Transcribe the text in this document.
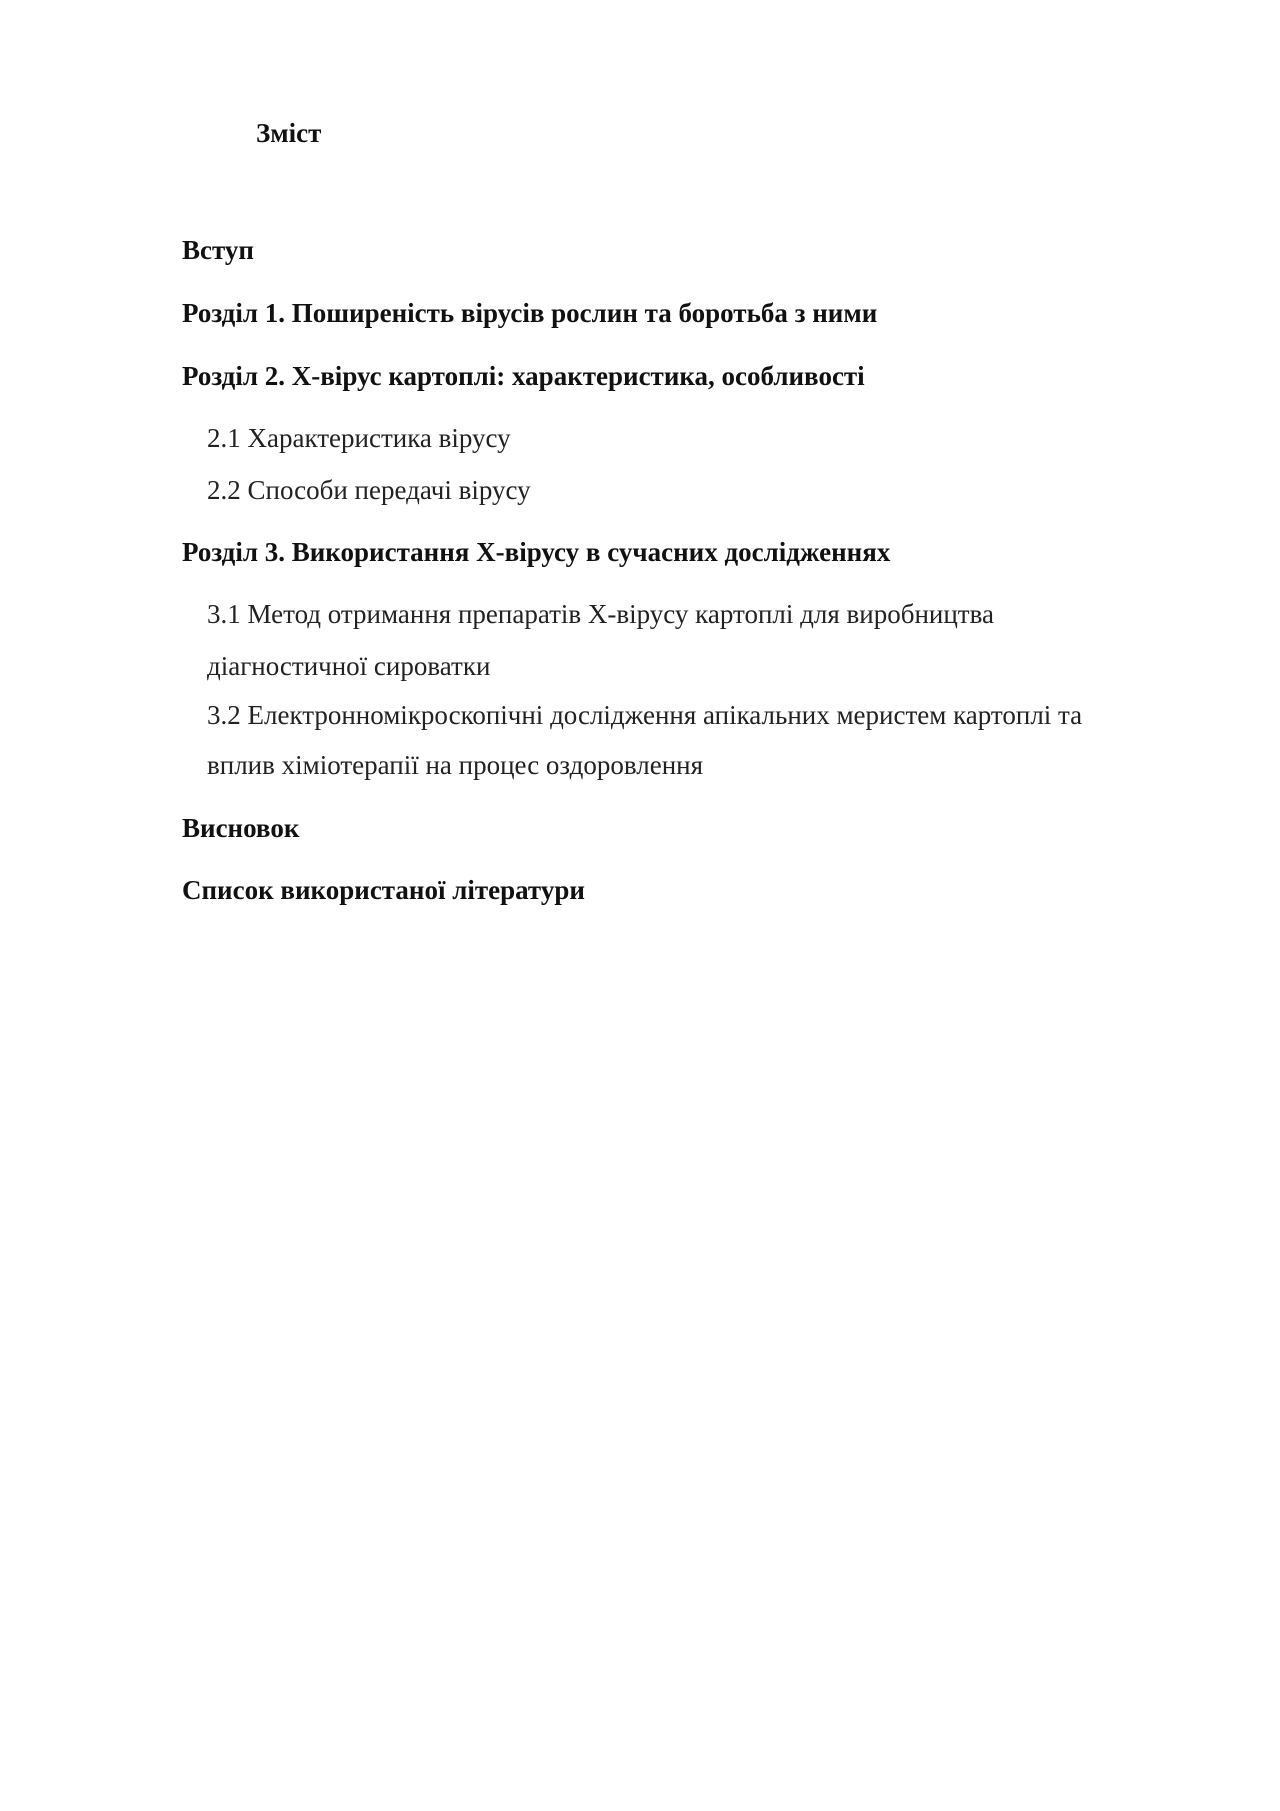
Зміст
Вступ
Розділ 1. Поширеність вірусів рослин та боротьба з ними
Розділ 2. Х-вірус картоплі: характеристика, особливості
2.1 Характеристика вірусу
2.2 Способи передачі вірусу
Розділ 3. Використання Х-вірусу в сучасних дослідженнях
3.1 Метод отримання препаратів Х-вірусу картоплі для виробництва
діагностичної сироватки
3.2 Електронномікроскопічні дослідження апікальних меристем картоплі та
вплив хіміотерапії на процес оздоровлення
Висновок
Список використаної літератури
